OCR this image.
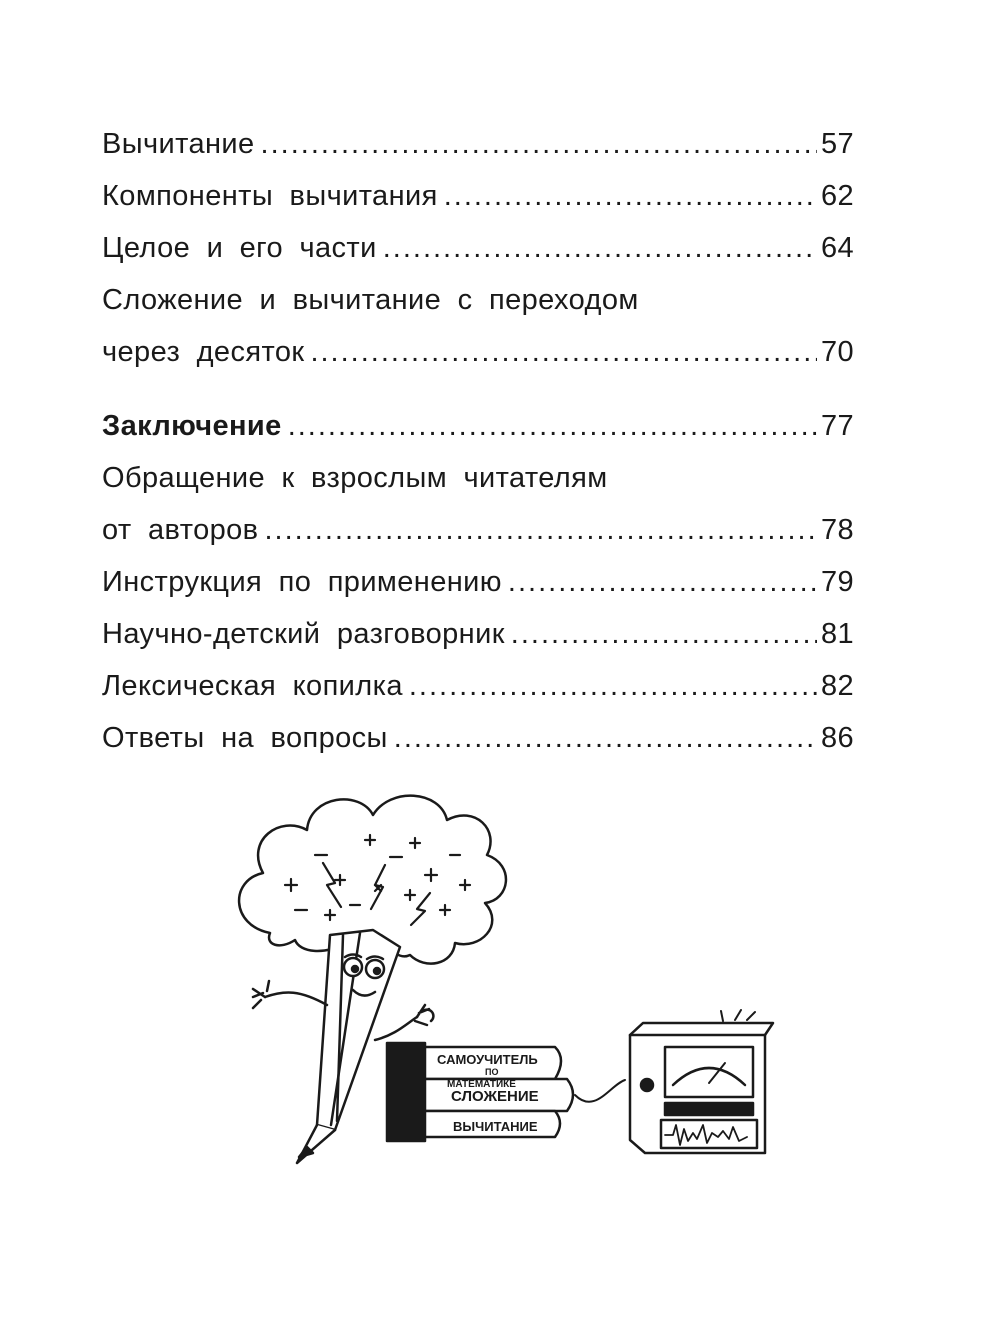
Вычитание .....	57
Компоненты вычитания .....	62
Целое и его части .....	64
Сложение и вычитание с переходом
через десяток .....	70
Заключение .....	77
Обращение к взрослым читателям
от авторов .....	78
Инструкция по применению .....	79
Научно-детский разговорник .....	81
Лексическая копилка .....	82
Ответы на вопросы .....	86
САМОУЧИТЕЛЬ
ПО
МАТЕМАТИКЕ
СЛОЖЕНИЕ
ВЫЧИТАНИЕ
